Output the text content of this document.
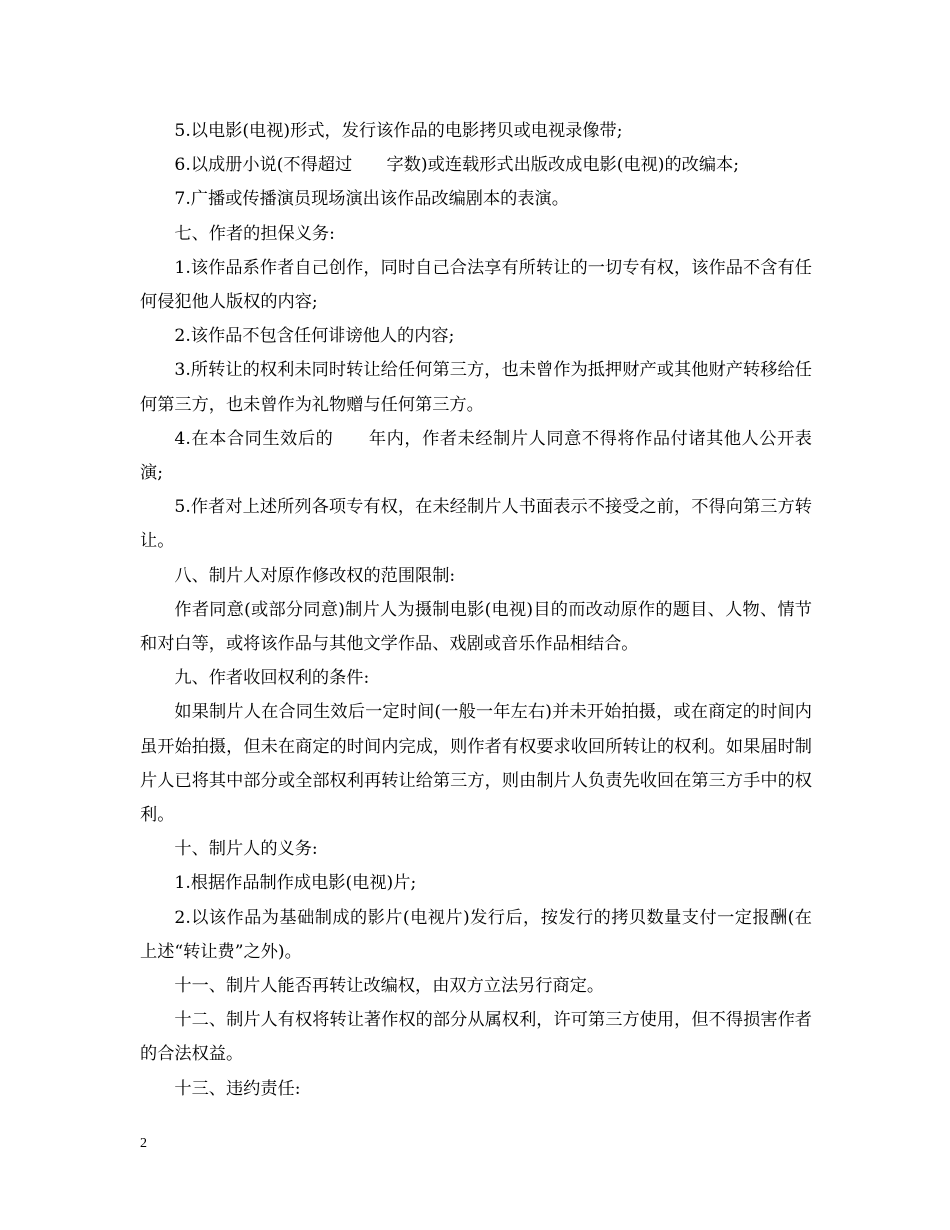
5.以电影(电视)形式，发行该作品的电影拷贝或电视录像带;

6.以成册小说(不得超过　　字数)或连载形式出版改成电影(电视)的改编本;

7.广播或传播演员现场演出该作品改编剧本的表演。

七、作者的担保义务:

1.该作品系作者自己创作，同时自己合法享有所转让的一切专有权，该作品不含有任何侵犯他人版权的内容;

2.该作品不包含任何诽谤他人的内容;

3.所转让的权利未同时转让给任何第三方，也未曾作为抵押财产或其他财产转移给任何第三方，也未曾作为礼物赠与任何第三方。

4.在本合同生效后的　　年内，作者未经制片人同意不得将作品付诸其他人公开表演;

5.作者对上述所列各项专有权，在未经制片人书面表示不接受之前，不得向第三方转让。

八、制片人对原作修改权的范围限制:

作者同意(或部分同意)制片人为摄制电影(电视)目的而改动原作的题目、人物、情节和对白等，或将该作品与其他文学作品、戏剧或音乐作品相结合。

九、作者收回权利的条件:

如果制片人在合同生效后一定时间(一般一年左右)并未开始拍摄，或在商定的时间内虽开始拍摄，但未在商定的时间内完成，则作者有权要求收回所转让的权利。如果届时制片人已将其中部分或全部权利再转让给第三方，则由制片人负责先收回在第三方手中的权利。

十、制片人的义务:

1.根据作品制作成电影(电视)片;

2.以该作品为基础制成的影片(电视片)发行后，按发行的拷贝数量支付一定报酬(在上述“转让费”之外)。

十一、制片人能否再转让改编权，由双方立法另行商定。

十二、制片人有权将转让著作权的部分从属权利，许可第三方使用，但不得损害作者的合法权益。

十三、违约责任:

2
